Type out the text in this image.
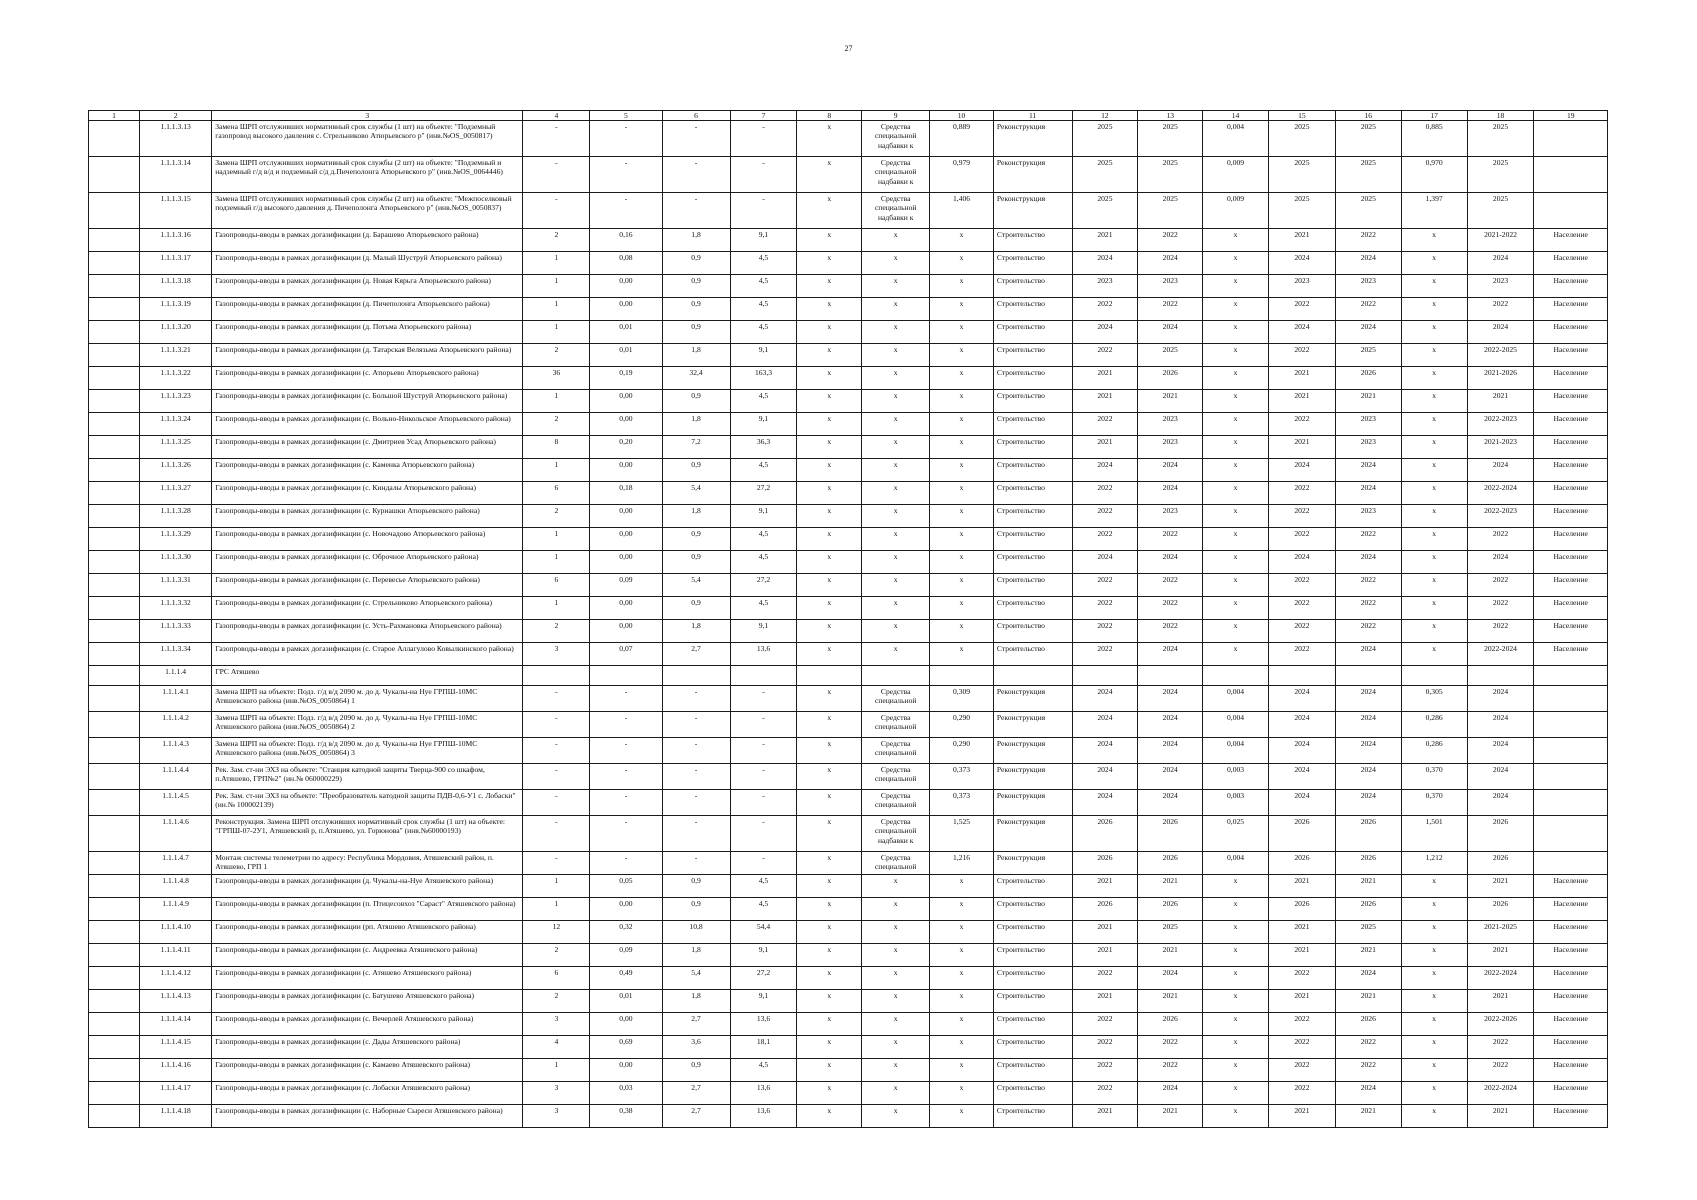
27
1	2	3	4	5	6	7	8	9	10	11	12	13	14	15	16	17	18	19
	1.1.1.3.13	Замена ШРП отслуживших нормативный срок службы (1 шт) на объекте: "Подземный газопровод высокого давления с. Стрельниково Атюрьевского р" (инв.№OS_0050817)	-	-	-	-	x	Средства специальной надбавки к	0,889	Реконструкция	2025	2025	0,004	2025	2025	0,885	2025	
	1.1.1.3.14	Замена ШРП отслуживших нормативный срок службы (2 шт) на объекте: "Подземный и надземный г/д в/д и подземный с/д д.Пичеполонга Атюрьевского р" (инв.№OS_0064446)	-	-	-	-	x	Средства специальной надбавки к	0,979	Реконструкция	2025	2025	0,009	2025	2025	0,970	2025	
	1.1.1.3.15	Замена ШРП отслуживших нормативный срок службы (2 шт) на объекте: "Межпоселковый подземный г/д высокого давления д. Пичеполонга Атюрьевского р" (инв.№OS_0050837)	-	-	-	-	x	Средства специальной надбавки к	1,406	Реконструкция	2025	2025	0,009	2025	2025	1,397	2025	
	1.1.1.3.16	Газопроводы-вводы в рамках догазификации (д. Барашево Атюрьевского района)	2	0,16	1,8	9,1	x	x	x	Строительство	2021	2022	x	2021	2022	x	2021-2022	Население
	1.1.1.3.17	Газопроводы-вводы в рамках догазификации (д. Малый Шуструй Атюрьевского района)	1	0,08	0,9	4,5	x	x	x	Строительство	2024	2024	x	2024	2024	x	2024	Население
	1.1.1.3.18	Газопроводы-вводы в рамках догазификации (д. Новая Кярьга Атюрьевского района)	1	0,00	0,9	4,5	x	x	x	Строительство	2023	2023	x	2023	2023	x	2023	Население
	1.1.1.3.19	Газопроводы-вводы в рамках догазификации (д. Пичеполонга Атюрьевского района)	1	0,00	0,9	4,5	x	x	x	Строительство	2022	2022	x	2022	2022	x	2022	Население
	1.1.1.3.20	Газопроводы-вводы в рамках догазификации (д. Потьма Атюрьевского района)	1	0,01	0,9	4,5	x	x	x	Строительство	2024	2024	x	2024	2024	x	2024	Население
	1.1.1.3.21	Газопроводы-вводы в рамках догазификации (д. Татарская Велязьма Атюрьевского района)	2	0,01	1,8	9,1	x	x	x	Строительство	2022	2025	x	2022	2025	x	2022-2025	Население
	1.1.1.3.22	Газопроводы-вводы в рамках догазификации (с. Атюрьево Атюрьевского района)	36	0,19	32,4	163,3	x	x	x	Строительство	2021	2026	x	2021	2026	x	2021-2026	Население
	1.1.1.3.23	Газопроводы-вводы в рамках догазификации (с. Большой Шуструй Атюрьевского района)	1	0,00	0,9	4,5	x	x	x	Строительство	2021	2021	x	2021	2021	x	2021	Население
	1.1.1.3.24	Газопроводы-вводы в рамках догазификации (с. Вольно-Никольское Атюрьевского района)	2	0,00	1,8	9,1	x	x	x	Строительство	2022	2023	x	2022	2023	x	2022-2023	Население
	1.1.1.3.25	Газопроводы-вводы в рамках догазификации (с. Дмитриев Усад Атюрьевского района)	8	0,20	7,2	36,3	x	x	x	Строительство	2021	2023	x	2021	2023	x	2021-2023	Население
	1.1.1.3.26	Газопроводы-вводы в рамках догазификации (с. Каменка Атюрьевского района)	1	0,00	0,9	4,5	x	x	x	Строительство	2024	2024	x	2024	2024	x	2024	Население
	1.1.1.3.27	Газопроводы-вводы в рамках догазификации (с. Киндалы Атюрьевского района)	6	0,18	5,4	27,2	x	x	x	Строительство	2022	2024	x	2022	2024	x	2022-2024	Население
	1.1.1.3.28	Газопроводы-вводы в рамках догазификации (с. Куриашки Атюрьевского района)	2	0,00	1,8	9,1	x	x	x	Строительство	2022	2023	x	2022	2023	x	2022-2023	Население
	1.1.1.3.29	Газопроводы-вводы в рамках догазификации (с. Новочадово Атюрьевского района)	1	0,00	0,9	4,5	x	x	x	Строительство	2022	2022	x	2022	2022	x	2022	Население
	1.1.1.3.30	Газопроводы-вводы в рамках догазификации (с. Оброчное Атюрьевского района)	1	0,00	0,9	4,5	x	x	x	Строительство	2024	2024	x	2024	2024	x	2024	Население
	1.1.1.3.31	Газопроводы-вводы в рамках догазификации (с. Перевесье Атюрьевского района)	6	0,09	5,4	27,2	x	x	x	Строительство	2022	2022	x	2022	2022	x	2022	Население
	1.1.1.3.32	Газопроводы-вводы в рамках догазификации (с. Стрельниково Атюрьевского района)	1	0,00	0,9	4,5	x	x	x	Строительство	2022	2022	x	2022	2022	x	2022	Население
	1.1.1.3.33	Газопроводы-вводы в рамках догазификации (с. Усть-Рахмановка Атюрьевского района)	2	0,00	1,8	9,1	x	x	x	Строительство	2022	2022	x	2022	2022	x	2022	Население
	1.1.1.3.34	Газопроводы-вводы в рамках догазификации (с. Старое Аллагулово Ковылкинского района)	3	0,07	2,7	13,6	x	x	x	Строительство	2022	2024	x	2022	2024	x	2022-2024	Население
	1.1.1.4	ГРС Атяшево																
	1.1.1.4.1	Замена ШРП на объекте: Подз. г/д в/д 2090 м. до д. Чукалы-на Нуе ГРПШ-10МС Атяшевского района (инв.№OS_0050864) 1	-	-	-	-	x	Средства специальной	0,309	Реконструкция	2024	2024	0,004	2024	2024	0,305	2024	
	1.1.1.4.2	Замена ШРП на объекте: Подз. г/д в/д 2090 м. до д. Чукалы-на Нуе ГРПШ-10МС Атяшевского района (инв.№OS_0050864) 2	-	-	-	-	x	Средства специальной	0,290	Реконструкция	2024	2024	0,004	2024	2024	0,286	2024	
	1.1.1.4.3	Замена ШРП на объекте: Подз. г/д в/д 2090 м. до д. Чукалы-на Нуе ГРПШ-10МС Атяшевского района (инв.№OS_0050864) 3	-	-	-	-	x	Средства специальной	0,290	Реконструкция	2024	2024	0,004	2024	2024	0,286	2024	
	1.1.1.4.4	Рек. Зам. ст-ни ЭХЗ на объекте: "Станция катодной защиты Тверца-900 со шкафом, п.Атяшево, ГРП№2" (ин.№ 060000229)	-	-	-	-	x	Средства специальной	0,373	Реконструкция	2024	2024	0,003	2024	2024	0,370	2024	
	1.1.1.4.5	Рек. Зам. ст-ни ЭХЗ на объекте: "Преобразователь катодной защиты ПДВ-0,6-У1 с. Лобаски" (ин.№ 100002139)	-	-	-	-	x	Средства специальной	0,373	Реконструкция	2024	2024	0,003	2024	2024	0,370	2024	
	1.1.1.4.6	Реконструкция. Замена ШРП отслуживших нормативный срок службы (1 шт) на объекте: "ГРПШ-07-2У1, Атяшевский р, п.Атяшево, ул. Горюнова" (инв.№60000193)	-	-	-	-	x	Средства специальной надбавки к	1,525	Реконструкция	2026	2026	0,025	2026	2026	1,501	2026	
	1.1.1.4.7	Монтаж системы телеметрии по адресу: Республика Мордовия, Атяшевский район, п. Атяшево, ГРП 1	-	-	-	-	x	Средства специальной	1,216	Реконструкция	2026	2026	0,004	2026	2026	1,212	2026	
	1.1.1.4.8	Газопроводы-вводы в рамках догазификации (д. Чукалы-на-Нуе Атяшевского района)	1	0,05	0,9	4,5	x	x	x	Строительство	2021	2021	x	2021	2021	x	2021	Население
	1.1.1.4.9	Газопроводы-вводы в рамках догазификации (п. Птицесовхоз "Сараст" Атяшевского района)	1	0,00	0,9	4,5	x	x	x	Строительство	2026	2026	x	2026	2026	x	2026	Население
	1.1.1.4.10	Газопроводы-вводы в рамках догазификации (рп. Атяшево Атяшевского района)	12	0,32	10,8	54,4	x	x	x	Строительство	2021	2025	x	2021	2025	x	2021-2025	Население
	1.1.1.4.11	Газопроводы-вводы в рамках догазификации (с. Андреевка Атяшевского района)	2	0,09	1,8	9,1	x	x	x	Строительство	2021	2021	x	2021	2021	x	2021	Население
	1.1.1.4.12	Газопроводы-вводы в рамках догазификации (с. Атяшево Атяшевского района)	6	0,49	5,4	27,2	x	x	x	Строительство	2022	2024	x	2022	2024	x	2022-2024	Население
	1.1.1.4.13	Газопроводы-вводы в рамках догазификации (с. Батушево Атяшевского района)	2	0,01	1,8	9,1	x	x	x	Строительство	2021	2021	x	2021	2021	x	2021	Население
	1.1.1.4.14	Газопроводы-вводы в рамках догазификации (с. Вечерлей Атяшевского района)	3	0,00	2,7	13,6	x	x	x	Строительство	2022	2026	x	2022	2026	x	2022-2026	Население
	1.1.1.4.15	Газопроводы-вводы в рамках догазификации (с. Дады Атяшевского района)	4	0,69	3,6	18,1	x	x	x	Строительство	2022	2022	x	2022	2022	x	2022	Население
	1.1.1.4.16	Газопроводы-вводы в рамках догазификации (с. Камаево Атяшевского района)	1	0,00	0,9	4,5	x	x	x	Строительство	2022	2022	x	2022	2022	x	2022	Население
	1.1.1.4.17	Газопроводы-вводы в рамках догазификации (с. Лобаски Атяшевского района)	3	0,03	2,7	13,6	x	x	x	Строительство	2022	2024	x	2022	2024	x	2022-2024	Население
	1.1.1.4.18	Газопроводы-вводы в рамках догазификации (с. Наборные Сыреси Атяшевского района)	3	0,38	2,7	13,6	x	x	x	Строительство	2021	2021	x	2021	2021	x	2021	Население
